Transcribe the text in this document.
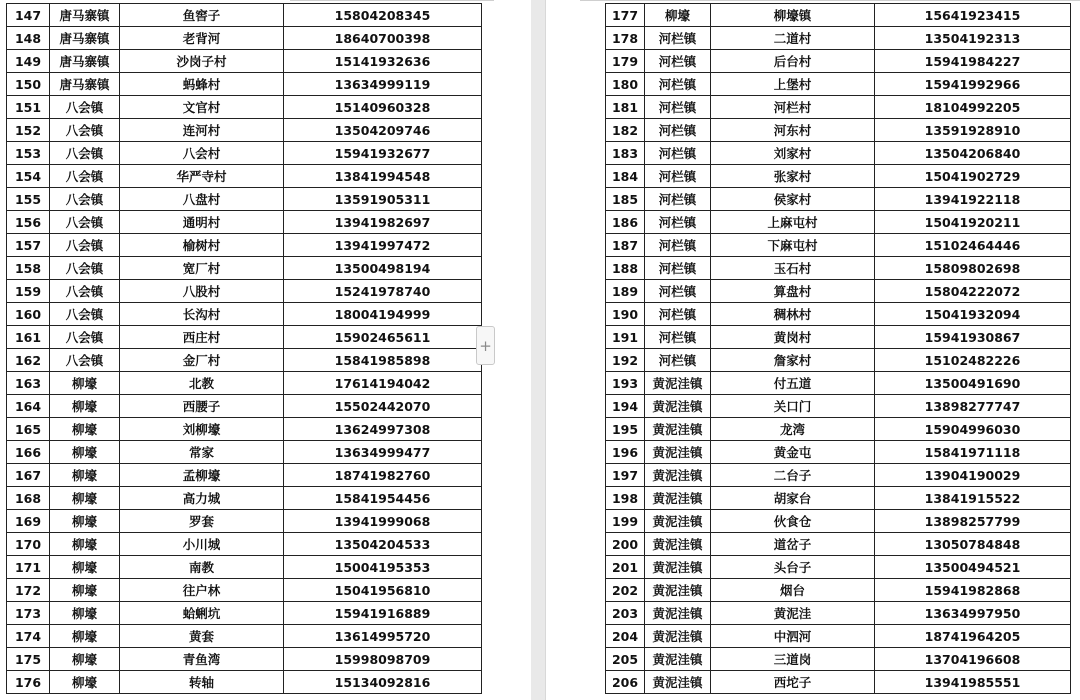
147	唐马寨镇	鱼窖子	15804208345
148	唐马寨镇	老背河	18640700398
149	唐马寨镇	沙岗子村	15141932636
150	唐马寨镇	蚂蜂村	13634999119
151	八会镇	文官村	15140960328
152	八会镇	连河村	13504209746
153	八会镇	八会村	15941932677
154	八会镇	华严寺村	13841994548
155	八会镇	八盘村	13591905311
156	八会镇	通明村	13941982697
157	八会镇	榆树村	13941997472
158	八会镇	宽厂村	13500498194
159	八会镇	八股村	15241978740
160	八会镇	长沟村	18004194999
161	八会镇	西庄村	15902465611
162	八会镇	金厂村	15841985898
163	柳壕	北教	17614194042
164	柳壕	西腰子	15502442070
165	柳壕	刘柳壕	13624997308
166	柳壕	常家	13634999477
167	柳壕	孟柳壕	18741982760
168	柳壕	高力城	15841954456
169	柳壕	罗套	13941999068
170	柳壕	小川城	13504204533
171	柳壕	南教	15004195353
172	柳壕	往户林	15041956810
173	柳壕	蛤蜊坑	15941916889
174	柳壕	黄套	13614995720
175	柳壕	青鱼湾	15998098709
176	柳壕	转轴	15134092816
177	柳壕	柳壕镇	15641923415
178	河栏镇	二道村	13504192313
179	河栏镇	后台村	15941984227
180	河栏镇	上堡村	15941992966
181	河栏镇	河栏村	18104992205
182	河栏镇	河东村	13591928910
183	河栏镇	刘家村	13504206840
184	河栏镇	张家村	15041902729
185	河栏镇	侯家村	13941922118
186	河栏镇	上麻屯村	15041920211
187	河栏镇	下麻屯村	15102464446
188	河栏镇	玉石村	15809802698
189	河栏镇	算盘村	15804222072
190	河栏镇	稠林村	15041932094
191	河栏镇	黄岗村	15941930867
192	河栏镇	詹家村	15102482226
193	黄泥洼镇	付五道	13500491690
194	黄泥洼镇	关口门	13898277747
195	黄泥洼镇	龙湾	15904996030
196	黄泥洼镇	黄金屯	15841971118
197	黄泥洼镇	二台子	13904190029
198	黄泥洼镇	胡家台	13841915522
199	黄泥洼镇	伙食仓	13898257799
200	黄泥洼镇	道岔子	13050784848
201	黄泥洼镇	头台子	13500494521
202	黄泥洼镇	烟台	15941982868
203	黄泥洼镇	黄泥洼	13634997950
204	黄泥洼镇	中泗河	18741964205
205	黄泥洼镇	三道岗	13704196608
206	黄泥洼镇	西坨子	13941985551
+
